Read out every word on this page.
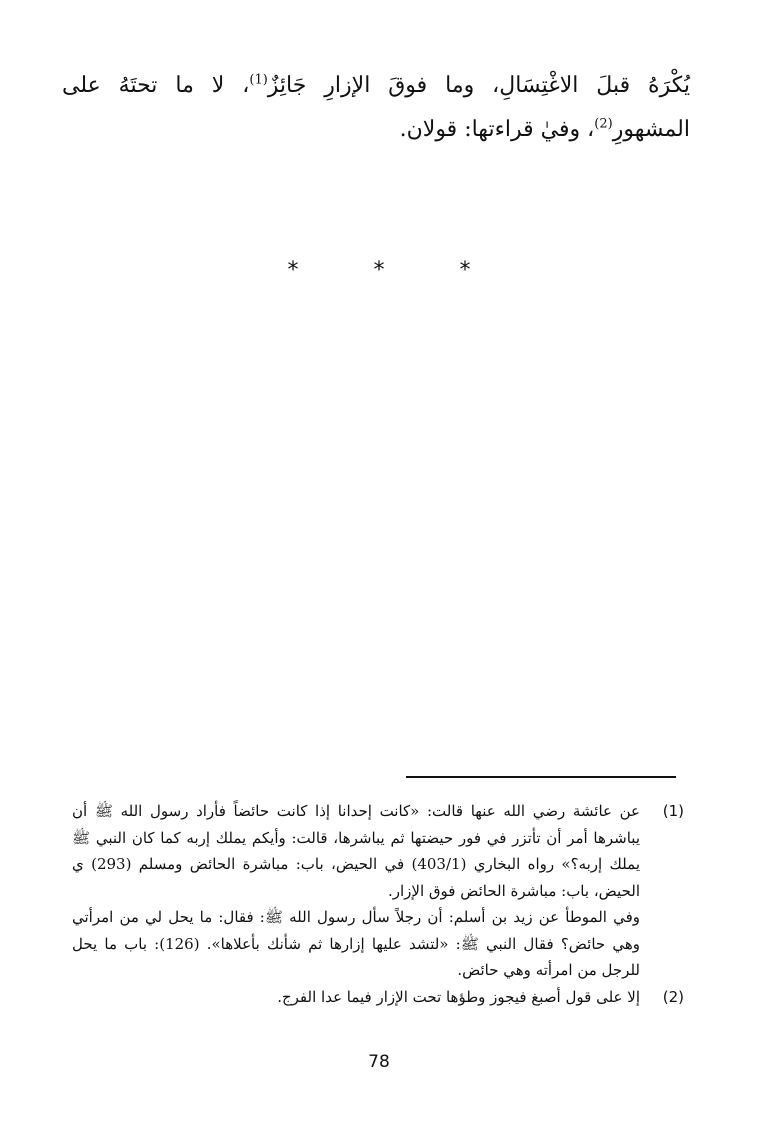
يُكْرَهُ قبلَ الاغْتِسَالِ، وما فوقَ الإزارِ جَائِزٌ$^{(1)}$، لا ما تحتَهُ على المشهورِ$^{(2)}$، وفيٰ قراءتها: قولان.
* * *
(1)

عن عائشة رضي الله عنها قالت: «كانت إحدانا إذا كانت حائضاً فأراد رسول الله ﷺ أن يباشرها أمر أن تأتزر في فور حيضتها ثم يباشرها، قالت: وأيكم يملك إربه كما كان النبي ﷺ يملك إربه؟» رواه البخاري (403/1) في الحيض، باب: مباشرة الحائض ومسلم (293) ي الحيض، باب: مباشرة الحائض فوق الإزار.

وفي الموطأ عن زيد بن أسلم: أن رجلاً سأل رسول الله ﷺ: فقال: ما يحل لي من امرأتي وهي حائض؟ فقال النبي ﷺ: «لتشد عليها إزارها ثم شأنك بأعلاها». (126): باب ما يحل للرجل من امرأته وهي حائض.

(2)

إلا على قول أصبغ فيجوز وطؤها تحت الإزار فيما عدا الفرج.

78
